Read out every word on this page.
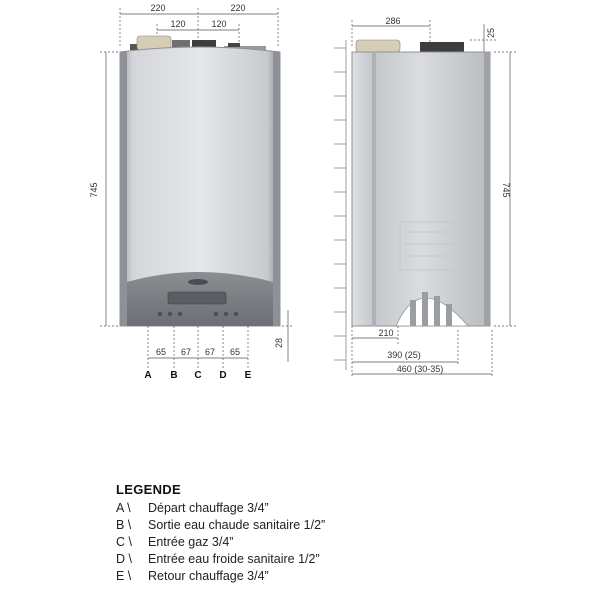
220	220
120	120
745
28
65 67 67 65
A B C D E
286
25
745
210
390 (25)
460 (30-35)
LEGENDE
A \ Départ chauffage 3/4”
B \ Sortie eau chaude sanitaire 1/2”
C \ Entrée gaz 3/4”
D \ Entrée eau froide sanitaire 1/2”
E \ Retour chauffage 3/4”
